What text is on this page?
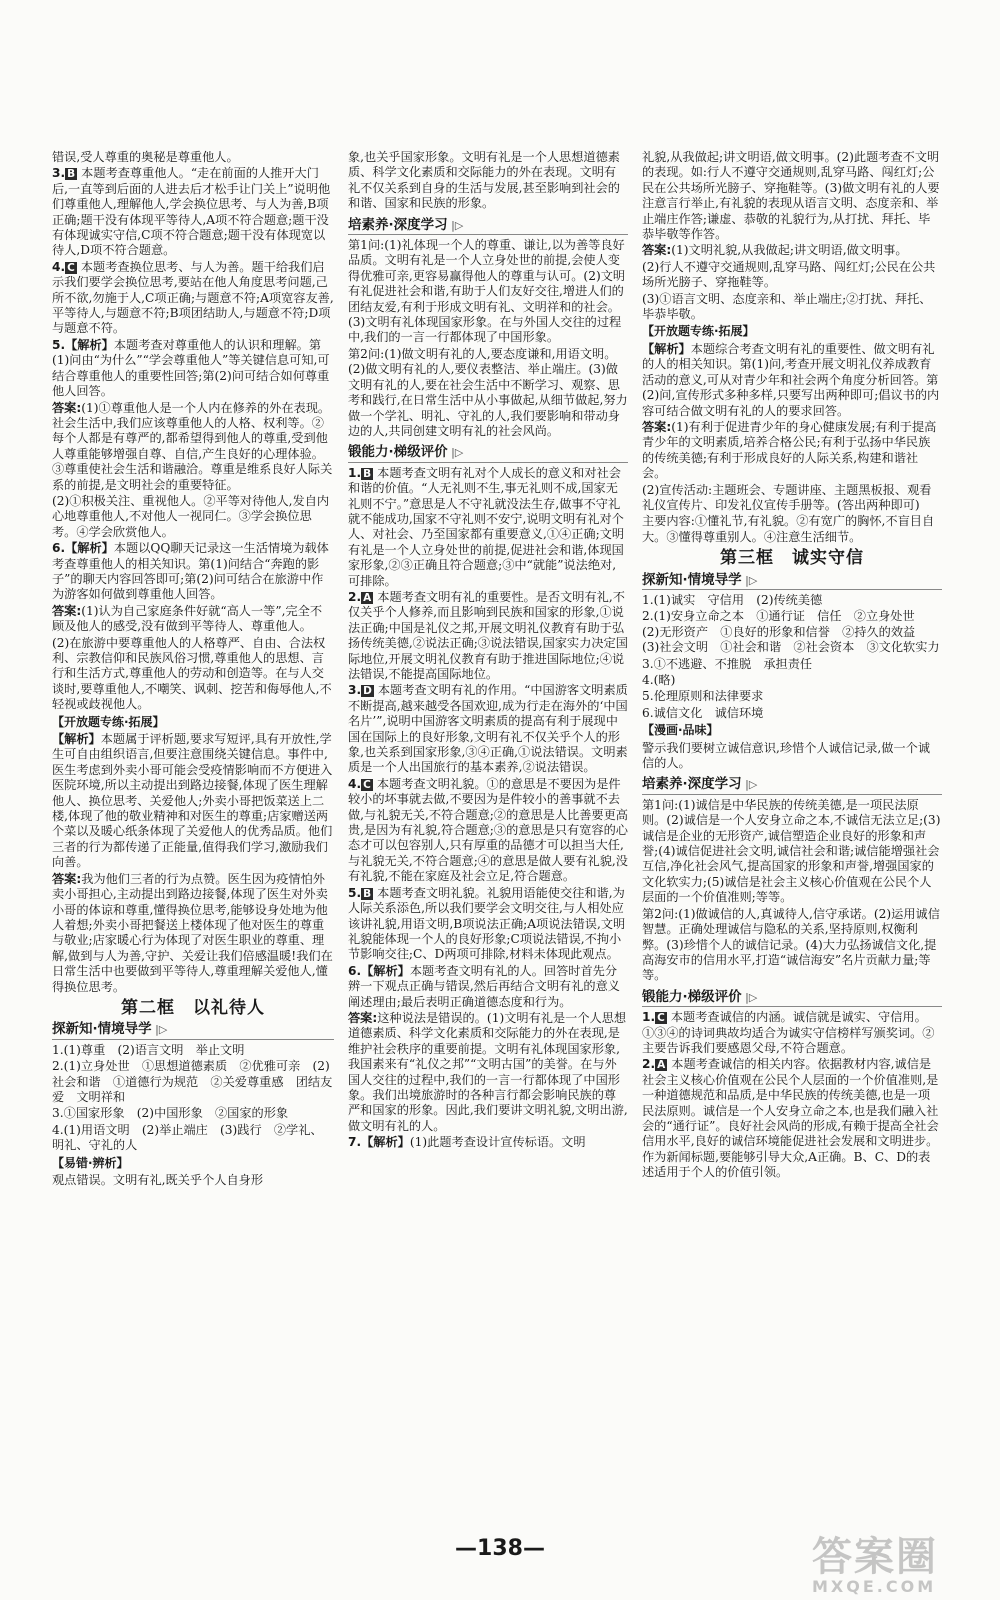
错误,受人尊重的奥秘是尊重他人。

3. B 本题考查尊重他人。“走在前面的人推开大门后,一直等到后面的人进去后才松手让门关上”说明他们尊重他人,理解他人,学会换位思考、与人为善,B项正确;题干没有体现平等待人,A项不符合题意;题干没有体现诚实守信,C项不符合题意;题干没有体现宽以待人,D项不符合题意。

4. C 本题考查换位思考、与人为善。题干给我们启示我们要学会换位思考,要站在他人角度思考问题,己所不欲,勿施于人,C项正确;与题意不符;A项宽容友善,平等待人,与题意不符;B项团结助人,与题意不符;D项与题意不符。

5.【解析】本题考查对尊重他人的认识和理解。第(1)问由“为什么”“学会尊重他人”等关键信息可知,可结合尊重他人的重要性回答;第(2)问可结合如何尊重他人回答。

答案:(1)①尊重他人是一个人内在修养的外在表现。社会生活中,我们应该尊重他人的人格、权利等。②每个人都是有尊严的,都希望得到他人的尊重,受到他人尊重能够增强自尊、自信,产生良好的心理体验。③尊重使社会生活和谐融洽。尊重是维系良好人际关系的前提,是文明社会的重要特征。

(2)①积极关注、重视他人。②平等对待他人,发自内心地尊重他人,不对他人一视同仁。③学会换位思考。④学会欣赏他人。

6.【解析】本题以QQ聊天记录这一生活情境为载体考查尊重他人的相关知识。第(1)问结合“奔跑的影子”的聊天内容回答即可;第(2)问可结合在旅游中作为游客如何做到尊重他人回答。

答案:(1)认为自己家庭条件好就“高人一等”,完全不顾及他人的感受,没有做到平等待人、尊重他人。

(2)在旅游中要尊重他人的人格尊严、自由、合法权利、宗教信仰和民族风俗习惯,尊重他人的思想、言行和生活方式,尊重他人的劳动和创造等。在与人交谈时,要尊重他人,不嘲笑、讽刺、挖苦和侮辱他人,不轻视或歧视他人。

【开放题专练·拓展】

【解析】本题属于评析题,要求写短评,具有开放性,学生可自由组织语言,但要注意围绕关键信息。事件中,医生考虑到外卖小哥可能会受疫情影响而不方便进入医院环境,所以主动提出到路边接餐,体现了医生理解他人、换位思考、关爱他人;外卖小哥把饭菜送上二楼,体现了他的敬业精神和对医生的尊重;店家赠送两个菜以及暖心纸条体现了关爱他人的优秀品质。他们三者的行为都传递了正能量,值得我们学习,激励我们向善。

答案:我为他们三者的行为点赞。医生因为疫情怕外卖小哥担心,主动提出到路边接餐,体现了医生对外卖小哥的体谅和尊重,懂得换位思考,能够设身处地为他人着想;外卖小哥把餐送上楼体现了他对医生的尊重与敬业;店家暖心行为体现了对医生职业的尊重、理解,做到与人为善,守护、关爱让我们倍感温暖!我们在日常生活中也要做到平等待人,尊重理解关爱他人,懂得换位思考。

第二框　以礼待人
探新知·情境导学 |▷

1.(1)尊重　(2)语言文明　举止文明

2.(1)立身处世　①思想道德素质　②优雅可亲　(2)社会和谐　①道德行为规范　②关爱尊重感　团结友爱　文明祥和

3.①国家形象　(2)中国形象　②国家的形象

4.(1)用语文明　(2)举止端庄　(3)践行　②学礼、明礼、守礼的人

【易错·辨析】

观点错误。文明有礼,既关乎个人自身形

象,也关乎国家形象。文明有礼是一个人思想道德素质、科学文化素质和交际能力的外在表现。文明有礼不仅关系到自身的生活与发展,甚至影响到社会的和谐、国家和民族的形象。

培素养·深度学习 |▷

第1问:(1)礼体现一个人的尊重、谦让,以为善等良好品质。文明有礼是一个人立身处世的前提,会使人变得优雅可亲,更容易赢得他人的尊重与认可。(2)文明有礼促进社会和谐,有助于人们友好交往,增进人们的团结友爱,有利于形成文明有礼、文明祥和的社会。(3)文明有礼体现国家形象。在与外国人交往的过程中,我们的一言一行都体现了中国形象。

第2问:(1)做文明有礼的人,要态度谦和,用语文明。(2)做文明有礼的人,要仪表整洁、举止端庄。(3)做文明有礼的人,要在社会生活中不断学习、观察、思考和践行,在日常生活中从小事做起,从细节做起,努力做一个学礼、明礼、守礼的人,我们要影响和带动身边的人,共同创建文明有礼的社会风尚。

锻能力·梯级评价 |▷

1. B 本题考查文明有礼对个人成长的意义和对社会和谐的价值。“人无礼则不生,事无礼则不成,国家无礼则不宁。”意思是人不守礼就没法生存,做事不守礼就不能成功,国家不守礼则不安宁,说明文明有礼对个人、对社会、乃至国家都有重要意义,①④正确;文明有礼是一个人立身处世的前提,促进社会和谐,体现国家形象,②③正确且符合题意;③中“就能”说法绝对,可排除。

2. A 本题考查文明有礼的重要性。是否文明有礼,不仅关乎个人修养,而且影响到民族和国家的形象,①说法正确;中国是礼仪之邦,开展文明礼仪教育有助于弘扬传统美德,②说法正确;③说法错误,国家实力决定国际地位,开展文明礼仪教育有助于推进国际地位;④说法错误,不能提高国际地位。

3. D 本题考查文明有礼的作用。“中国游客文明素质不断提高,越来越受各国欢迎,成为行走在海外的‘中国名片’”,说明中国游客文明素质的提高有利于展现中国在国际上的良好形象,文明有礼不仅关乎个人的形象,也关系到国家形象,③④正确,①说法错误。文明素质是一个人出国旅行的基本素养,②说法错误。

4. C 本题考查文明礼貌。①的意思是不要因为是件较小的坏事就去做,不要因为是件较小的善事就不去做,与礼貌无关,不符合题意;②的意思是人比善要更高贵,是因为有礼貌,符合题意;③的意思是只有宽容的心态才可以包容别人,只有厚重的品德才可以担当大任,与礼貌无关,不符合题意;④的意思是做人要有礼貌,没有礼貌,不能在家庭及社会立足,符合题意。

5. B 本题考查文明礼貌。礼貌用语能使交往和谐,为人际关系添色,所以我们要学会文明交往,与人相处应该讲礼貌,用语文明,B项说法正确;A项说法错误,文明礼貌能体现一个人的良好形象;C项说法错误,不拘小节影响交往;C、D两项可排除,材料未体现此观点。

6.【解析】本题考查文明有礼的人。回答时首先分辨一下观点正确与错误,然后再结合文明有礼的意义阐述理由;最后表明正确道德态度和行为。

答案:这种说法是错误的。(1)文明有礼是一个人思想道德素质、科学文化素质和交际能力的外在表现,是维护社会秩序的重要前提。文明有礼体现国家形象,我国素来有“礼仪之邦”“文明古国”的美誉。在与外国人交往的过程中,我们的一言一行都体现了中国形象。我们出境旅游时的各种言行都会影响民族的尊严和国家的形象。因此,我们要讲文明礼貌,文明出游,做文明有礼的人。

7.【解析】(1)此题考查设计宣传标语。文明

礼貌,从我做起;讲文明语,做文明事。(2)此题考查不文明的表现。如:行人不遵守交通规则,乱穿马路、闯红灯;公民在公共场所光膀子、穿拖鞋等。(3)做文明有礼的人要注意言行举止,有礼貌的表现从语言文明、态度亲和、举止端庄作答;谦虚、恭敬的礼貌行为,从打扰、拜托、毕恭毕敬等作答。

答案:(1)文明礼貌,从我做起;讲文明语,做文明事。

(2)行人不遵守交通规则,乱穿马路、闯红灯;公民在公共场所光膀子、穿拖鞋等。

(3)①语言文明、态度亲和、举止端庄;②打扰、拜托、毕恭毕敬。

【开放题专练·拓展】

【解析】本题综合考查文明有礼的重要性、做文明有礼的人的相关知识。第(1)问,考查开展文明礼仪养成教育活动的意义,可从对青少年和社会两个角度分析回答。第(2)问,宣传形式多种多样,只要写出两种即可;倡议书的内容可结合做文明有礼的人的要求回答。

答案:(1)有利于促进青少年的身心健康发展;有利于提高青少年的文明素质,培养合格公民;有利于弘扬中华民族的传统美德;有利于形成良好的人际关系,构建和谐社会。

(2)宣传活动:主题班会、专题讲座、主题黑板报、观看礼仪宣传片、印发礼仪宣传手册等。(答出两种即可)

主要内容:①懂礼节,有礼貌。②有宽广的胸怀,不盲目自大。③懂得尊重别人。④注意生活细节。

第三框　诚实守信
探新知·情境导学 |▷

1.(1)诚实　守信用　(2)传统美德

2.(1)安身立命之本　①通行证　信任　②立身处世　(2)无形资产　①良好的形象和信誉　②持久的效益　(3)社会文明　①社会和谐　②社会资本　③文化软实力

3.①不逃避、不推脱　承担责任

4.(略)

5.伦理原则和法律要求

6.诚信文化　诚信环境

【漫画·品味】

警示我们要树立诚信意识,珍惜个人诚信记录,做一个诚信的人。

培素养·深度学习 |▷

第1问:(1)诚信是中华民族的传统美德,是一项民法原则。(2)诚信是一个人安身立命之本,不诚信无法立足;(3)诚信是企业的无形资产,诚信塑造企业良好的形象和声誉;(4)诚信促进社会文明,诚信社会和谐;诚信能增强社会互信,净化社会风气,提高国家的形象和声誉,增强国家的文化软实力;(5)诚信是社会主义核心价值观在公民个人层面的一个价值准则;等等。

第2问:(1)做诚信的人,真诚待人,信守承诺。(2)运用诚信智慧。正确处理诚信与隐私的关系,坚持原则,权衡利弊。(3)珍惜个人的诚信记录。(4)大力弘扬诚信文化,提高海安市的信用水平,打造“诚信海安”名片贡献力量;等等。

锻能力·梯级评价 |▷

1. C 本题考查诚信的内涵。诚信就是诚实、守信用。①③④的诗词典故均适合为诚实守信榜样写颁奖词。②主要告诉我们要感恩父母,不符合题意。

2. A 本题考查诚信的相关内容。依据教材内容,诚信是社会主义核心价值观在公民个人层面的一个价值准则,是一种道德规范和品质,是中华民族的传统美德,也是一项民法原则。诚信是一个人安身立命之本,也是我们融入社会的“通行证”。良好社会风尚的形成,有赖于提高全社会信用水平,良好的诚信环境能促进社会发展和文明进步。作为新闻标题,要能够引导大众,A正确。B、C、D的表述适用于个人的价值引领。

—138—	答案圈
MXQE.COM
